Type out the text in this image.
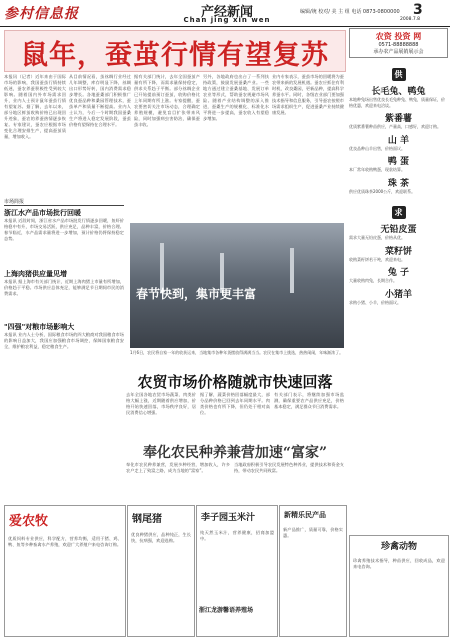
参村信息报	产经新闻
Chan jing xin wen
编辑/统 校对/ 美 主 组 电话 0873-0800000 3
2008.7.8
鼠年，蚕茧行情有望复苏
本报讯（记者）近年来由于国际市场的影响，我国蚕茧行情持续低迷，蚕农养蚕积极性受到较大影响。随着国内外市场需求回升，业内人士预计鼠年蚕茧行情有望复苏。据了解，去年以来，部分地区鲜茧收购价格已出现回升迹象，蚕农的养蚕热情逐步恢复。专家建议，蚕农应根据市场变化合理安排生产，提高蚕茧质量，增加收入。
从目前情况看，茧丝绸行业经过几年调整，库存明显下降，丝绸出口形势好转，国内消费需求稳步增长。各地蚕桑部门积极推广优良蚕品种和桑园管理技术，蚕茧单产和质量不断提高。业内人士认为，今后一个时期我国蚕桑生产将进入稳定发展阶段，蚕茧价格有望保持在合理水平。
据有关部门统计，去年全国蚕茧产量有所下降，而需求量保持稳定，供求关系趋于平衡。部分丝绸企业已开始提前预订蚕茧，收购价格比上年同期有所上涨。专家提醒，蚕农要密切关注市场动态，合理确定养殖规模，避免盲目扩张带来风险，同时加强病虫害防治，确保蚕茧丰收。
另外，各地政府也出台了一系列扶持政策，鼓励发展蚕桑产业。一些地方通过建立蚕桑基地、发展订单农业等形式，帮助蚕农规避市场风险。随着产业结构调整的深入推进，蚕桑生产的规模化、标准化水平将进一步提高，蚕农收入有望稳步增加。
业内专家表示，蚕茧市场的回暖将为蚕农带来新的发展机遇。蚕农应抓住有利时机，改良桑园，更新品种，提高科学养蚕水平。同时，各级农业部门要加强技术指导和信息服务，引导蚕农按照市场需求组织生产，促进蚕桑产业持续健康发展。
市场简报
浙江水产品市场批行回暖
本报讯 近段时间，浙江省水产品市场批发行情逐步回暖，鱼虾价格稳中有升，市场交易活跃，供应充足，品种丰富，价格合理。春节临近，水产品需求量将进一步增加，预计价格仍将保持稳定态势。
上海肉猪供应量见增
本报讯 据上海市有关部门统计，近期上海肉猪上市量有所增加，价格趋于平稳。市场供应总体充足，能够满足节日期间市民的消费需求。
"四强"对粮市场影响大
本报讯 业内人士分析，国际粮食市场的四大粮商对我国粮食市场的影响日益加大，我国应加强粮食市场调控，保障国家粮食安全，维护粮农利益，稳定粮食生产。
春节快到，集市更丰富
1月6日，农民将自家一年的收获运来，当地集市各种年货摆放得满满当当。农民在集市上挑选，热热闹闹，年味渐浓了。
农贸市场价格随就市快速回落
去年全国各地农贸市场蔬菜、肉类价格大幅上涨，近期随着供应增加，价格开始快速回落，市场秩序良好，居民消费信心增强。
据了解，蔬菜价格回落幅度最大，部分品种价格已回到去年同期水平。肉类价格也有所下降，但仍处于相对高位。
有关部门表示，将继续加强市场监测，确保重要农产品供应充足，价格基本稳定，满足群众节日消费需求。
奉化农民种养兼营加速“富家”
奉化市农民种养兼营，发展多种经营，增加收入，许多农户走上了致富之路，成为当地的“富家”。
当地政府积极引导农民发展特色种养业，提供技术和资金支持，带动农民共同致富。
农资 投资 网
0571-88888888
承办农产品展销展示会
供
长毛兔、鸭兔
本地种兔场出售优良长毛兔种兔、鸭兔，质量保证，价格优惠，欢迎来电洽谈。
紫番薯
优质紫番薯种苗供应，产量高，口感好，欢迎订购。
山 羊
优良品种山羊出售，价格面议。
鸭 蛋
本厂常年收购鸭蛋，现款结算。
珠 茶
供应优质珠茶2000公斤，欢迎联系。
求
无铅皮蛋
需求大量无铅皮蛋，价格从优。
菜籽饼
收购菜籽饼若干吨，欢迎来电。
兔 子
大量收购肉兔，长期合作。
小猪羊
求购小猪、小羊，价格面议。
爱农牧
优质饲料专业供应，科学配方，营养均衡，适用于猪、鸡、鸭、鱼等多种畜禽水产养殖，欢迎广大养殖户来电咨询订购。
钢尾猪
优良种猪供应，品种纯正，生长快，抗病强，欢迎选购。
李子园玉米汁
纯天然玉米汁，营养健康，招商加盟中。
浙江龙游馨语养殖场
新精乐民产品
新产品推广，质量可靠，价格实惠。
珍禽动物
珍禽养殖技术指导，种苗供应，回收成品，欢迎来电咨询。
